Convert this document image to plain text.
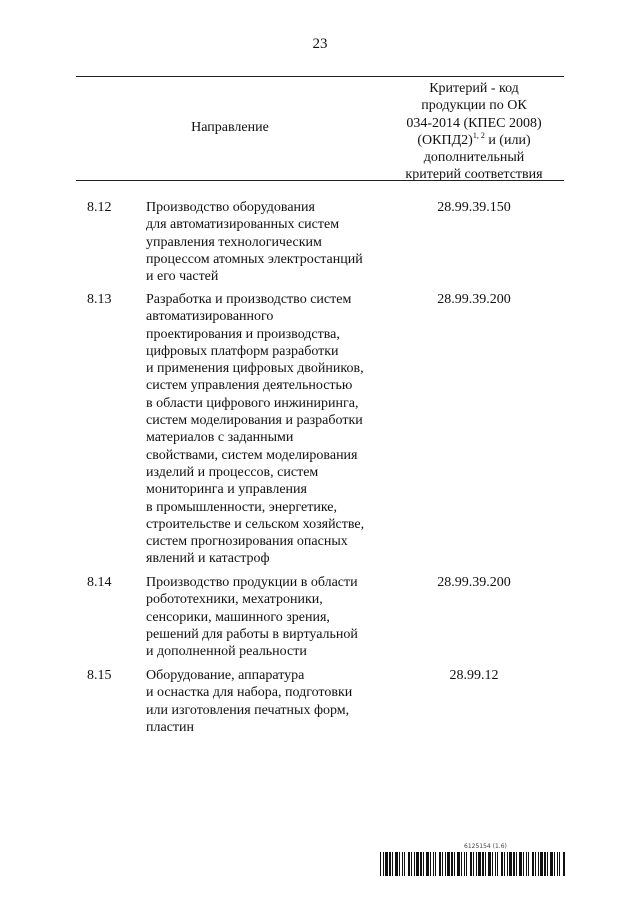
23
Направление
Критерий - код
продукции по ОК
034-2014 (КПЕС 2008)
(ОКПД2)$^{1, 2}$ и (или)
дополнительный
критерий соответствия
8.12 Производство оборудования
для автоматизированных систем
управления технологическим
процессом атомных электростанций
и его частей
28.99.39.150
8.13 Разработка и производство систем
автоматизированного
проектирования и производства,
цифровых платформ разработки
и применения цифровых двойников,
систем управления деятельностью
в области цифрового инжиниринга,
систем моделирования и разработки
материалов с заданными
свойствами, систем моделирования
изделий и процессов, систем
мониторинга и управления
в промышленности, энергетике,
строительстве и сельском хозяйстве,
систем прогнозирования опасных
явлений и катастроф
28.99.39.200
8.14 Производство продукции в области
робототехники, мехатроники,
сенсорики, машинного зрения,
решений для работы в виртуальной
и дополненной реальности
28.99.39.200
8.15 Оборудование, аппаратура
и оснастка для набора, подготовки
или изготовления печатных форм,
пластин
28.99.12
6125154 (1.6)
